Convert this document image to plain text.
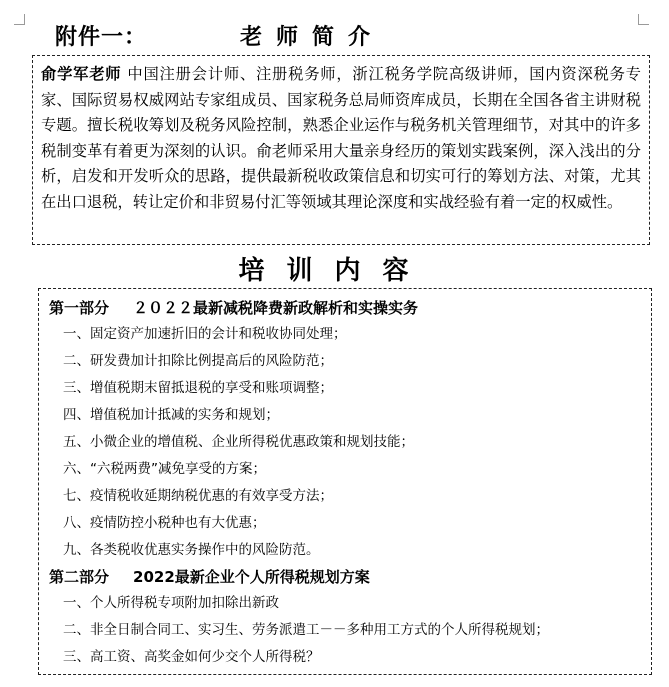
附件一：	老师简介
俞学军老师 中国注册会计师、注册税务师，浙江税务学院高级讲师，国内资深税务专家、国际贸易权威网站专家组成员、国家税务总局师资库成员，长期在全国各省主讲财税专题。擅长税收筹划及税务风险控制，熟悉企业运作与税务机关管理细节，对其中的许多税制变革有着更为深刻的认识。俞老师采用大量亲身经历的策划实践案例，深入浅出的分析，启发和开发听众的思路，提供最新税收政策信息和切实可行的筹划方法、对策，尤其在出口退税，转让定价和非贸易付汇等领域其理论深度和实战经验有着一定的权威性。
培训内容
第一部分 ２０２２最新减税降费新政解析和实操实务
一、固定资产加速折旧的会计和税收协同处理；
二、研发费加计扣除比例提高后的风险防范；
三、增值税期末留抵退税的享受和账项调整；
四、增值税加计抵减的实务和规划；
五、小微企业的增值税、企业所得税优惠政策和规划技能；
六、“六税两费”减免享受的方案；
七、疫情税收延期纳税优惠的有效享受方法；
八、疫情防控小税种也有大优惠；
九、各类税收优惠实务操作中的风险防范。
第二部分 2022最新企业个人所得税规划方案
一、个人所得税专项附加扣除出新政
二、非全日制合同工、实习生、劳务派遣工－－多种用工方式的个人所得税规划；
三、高工资、高奖金如何少交个人所得税？
